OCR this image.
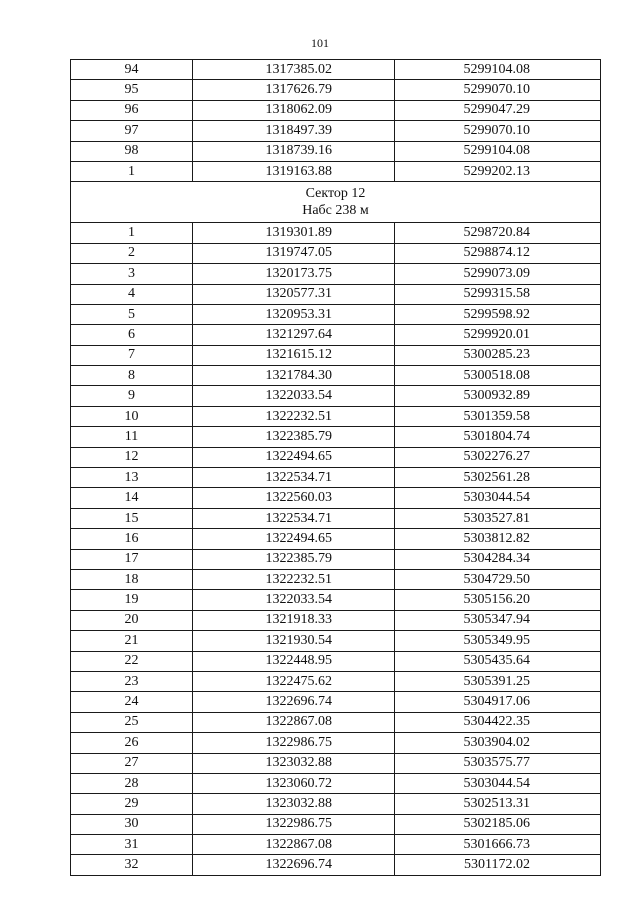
101
94	1317385.02	5299104.08
95	1317626.79	5299070.10
96	1318062.09	5299047.29
97	1318497.39	5299070.10
98	1318739.16	5299104.08
1	1319163.88	5299202.13

Сектор 12
Набс 238 м		

1	1319301.89	5298720.84
2	1319747.05	5298874.12
3	1320173.75	5299073.09
4	1320577.31	5299315.58
5	1320953.31	5299598.92
6	1321297.64	5299920.01
7	1321615.12	5300285.23
8	1321784.30	5300518.08
9	1322033.54	5300932.89
10	1322232.51	5301359.58
11	1322385.79	5301804.74
12	1322494.65	5302276.27
13	1322534.71	5302561.28
14	1322560.03	5303044.54
15	1322534.71	5303527.81
16	1322494.65	5303812.82
17	1322385.79	5304284.34
18	1322232.51	5304729.50
19	1322033.54	5305156.20
20	1321918.33	5305347.94
21	1321930.54	5305349.95
22	1322448.95	5305435.64
23	1322475.62	5305391.25
24	1322696.74	5304917.06
25	1322867.08	5304422.35
26	1322986.75	5303904.02
27	1323032.88	5303575.77
28	1323060.72	5303044.54
29	1323032.88	5302513.31
30	1322986.75	5302185.06
31	1322867.08	5301666.73
32	1322696.74	5301172.02
